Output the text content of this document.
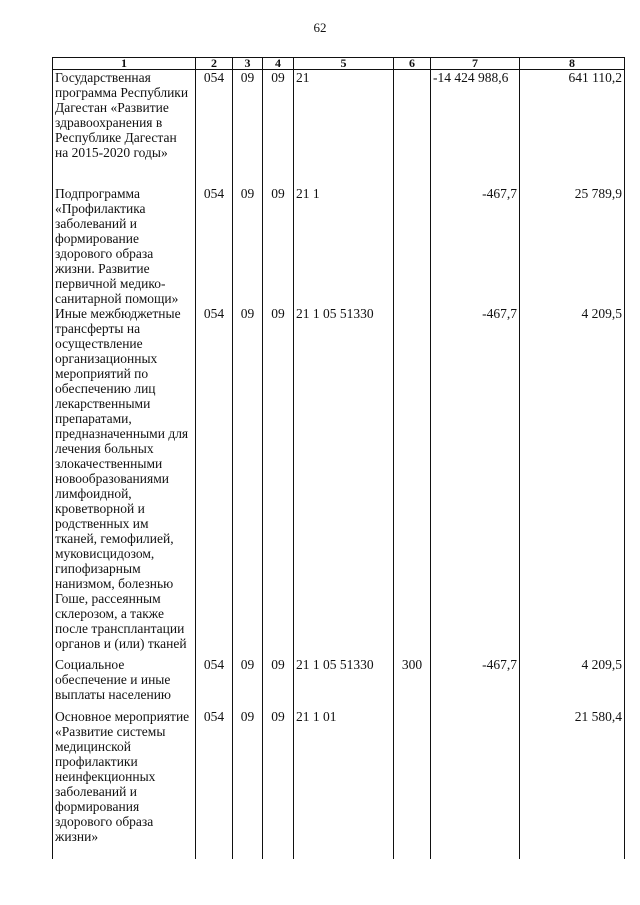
62
1	2	3	4	5	6	7	8
Государственная программа Республики Дагестан «Развитие здравоохранения в Республике Дагестан на 2015-2020 годы»	054	09	09	21		-14 424 988,6	641 110,2
Подпрограмма «Профилактика заболеваний и формирование здорового образа жизни. Развитие первичной медико-санитарной помощи»	054	09	09	21 1		-467,7	25 789,9
Иные межбюджетные трансферты на осуществление организационных мероприятий по обеспечению лиц лекарственными препаратами, предназначенными для лечения больных злокачественными новообразованиями лимфоидной, кроветворной и родственных им тканей, гемофилией, муковисцидозом, гипофизарным нанизмом, болезнью Гоше, рассеянным склерозом, а также после трансплантации органов и (или) тканей	054	09	09	21 1 05 51330		-467,7	4 209,5
Социальное обеспечение и иные выплаты населению	054	09	09	21 1 05 51330	300	-467,7	4 209,5
Основное мероприятие «Развитие системы медицинской профилактики неинфекционных заболеваний и формирования здорового образа жизни»	054	09	09	21 1 01			21 580,4
